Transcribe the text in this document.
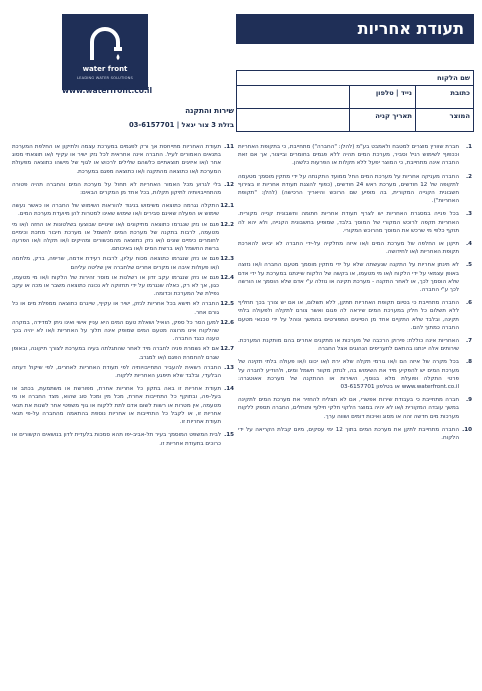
תעודת אחריות
water front
LEADING WATER SOLUTIONS
www.waterfront.co.il
שירות והתקנה
בזלת 3 צור יגאל | 03-6157701
שם הלקוח
כתובת
נייד | טלפון
המוצר
תאריך קניה
1.
חברת שוורץ מוצרים למטבח ולאמבט בע"מ (להלן: "החברה") מתחייבת, כי בתקופת האחריות וככפוף לשימוש רגיל וסביר, מערכת המים תהיה ללא פגמים בחומרים ובייצור, אך אם זאת החברה אינה מתחייבת, כי המוצר יפעל ללא תקלות או הפרעות כלשהן.
2.
החברה מעניקה אחריות על מערכת המים החל ממועד התקנתה על ידי מתקין מוסמך מטעמה לתקופה של 12 חודשים, מערכת ראש 24 חודשים, (כפוף להצגת תעודת אחריות זו בצירוף חשבונית הקנייה המקורית, בה מופיע שם הרוכש והיאריך הרכישה) (להלן: "תקופת האחריות").
3.
בכל פנייה במסגרת האחריות יש לצרף תעודת אחריות חתומה וחשבונית קנייה מקורית. האחריות תקפה לרוכש המקורי של המוסך בלבד, שמופיע בחשבונית הקנייה, ולא יהא לה תוקף כלפי מי שרכש את המוסך מהרוכש המקורי.
4.
תיקון או החלפה של מערכת המים ו/או איזה מחלקיה על-ידי החברה לא יביאו להארכת תקופת האחריות ו/או לחידושה.
5.
לא תינתן אחריות על התקנה שנעשתה שלא על ידי מתקין מוסמך מטעם החברה ו/או נזוצה באופן עצמאי על ידי הלקוח ו/או מי מטעמו, או בקשה של הלקוח שיינתנו במערכת על ידי אדם שלא הוסמך לכך, או לאחר התקנה - מערכת תקינה או נוזלה ע"י אדם שלא הוסמך או הורשה לכך ע"י החברה.
6.
החברה מתחייבת כי בסיום תקופת האחריות תתקן, ללא תשלום, או אם יש צורך בכך תחליף ללא תשלום כל חלק במערכת המים שיראה לה פגום ואשר צורם לתקלה ולפעולה בלתי תקינה, ובלבד שלא התקיים אחד מן הסייגים המפורטים בהמשך ונוהל על ידי טכנאי מטעם החברה כמתוך להם.
7.
האחריות אינה כוללת: פירוק הרכבה של מערכות או מתקנים אחרים בהם מותקנת המערכת. שירותים אלה יינתנו בהתאם לתעריפים הנהוגים אצל החברה
8.
בכל מקרה של איזה הם ו/או גורמי תקלה שלא ירת ו/או יכונו ו/או פעולה בלתי תקינה של מערכת המים יש להפקיע מיד את השימוש בה, לנתק מקוור חשמל ומים, ולהודיע לחברה על פרטי התקלה ופועלת מלא בנוסף, השירות או ההתקנה של מערכת אאוטגרה: www.waterfront.co.il או בטלפון 03-6157701
9.
חברה מתחייבת כי בעבודת שירות אפשרי, אם לא תצליח להחזיר את מערכת המים לתקינה במשך עובדה המקורית ו/או לא יהיה במוצר הלקוי חלקי חילוף ותוחלים, החברה תספק ללקוח מערכות מים חדשה זהה או מסוג ואיכות דומים ושווה ערך.
10.
החברה מתחייבת לתקן את מערכת המים בתוך 12 ימי עסקים, מיום קבלת הקריאה על ידי הלקוח.
11.
תעודת האחריות מתייחסת אך ורק לפגמים במערכת עצמה ולתיקון או החלפת המערכת בתנאים האמורים לעיל. החברה אינה אחראית לכל נזק ישיר או עקיף ו/או תוצאתי מסוג אחר ו/או איזיגים תוצאתיים כלשהם שלילים לרכוש או לגוף של מישהו כתוצאה מפעולת המערכת ו/או כתוצאה מהתקנה ו/או כתוצאה מפגם במערכת.
12.
בלי לגרוע מכל האמור האחריות לא תחול על מערכת המים והחברה תהיה פטורה מהתחייבויותיה לתיקון תקלות, בכל אחד מן המקרים הבאים:
12.1
התקלה נגרמה כתוצאה משימוש בניגוד להוראות השימוש של החברה או כאשר נעשה שימוש או הפעלה שאינם סבירים ו/או שימוש שאינו למטרות להן מיועדת מערכת המים.
12.2
פגם או נזק שנגרמו כתוצאה מתיקונים ו/או שינויים שבוצעו בשלטונות או החזה ו/או מי מטעמה, לרבות בתקנה של מערכת המים לחשמל או מערכת חיבור מתכת וכימיים לחומרים כימיים שונים ו/או נזק כתוצאה מהמכשורים ומהיקים ו/או תקלה ו/או הפרעה ברשת החשמל ו/או ברשת המים ו/או באיכותם.
12.3
פגם או נזק שנגרמו כתוצאה מכוח עליון, לרבות רעידת אדמה, שריפה, ברק, מלחמה ו/או פעולות איבה או מקרים אחרים שלחברה אין שליטה עליהם
12.4
פגם או נזק שנגרמו עקב זדון או רשלנות או מוסר זהירות של הלקוח ו/או מי מטעמו, כגון, אך לא רק, כאלה שנגרמו על ידי תחזוקה לא נכונה כתוצאה משבר או מכה או עקב נפילת של המערכת וכדומה.
12.5
החברה לא תישא בכל אחריות לנזק, ישיר או עקיף, שייגרם כתוצאה ממפלת מים או כל גורם אחר.
12.6
למען הסר כל ספק, הואיל ושאלת טעם המים היא עניין אישי ואינו ניתן למדידה, במקרה שהלקוח אינו מרוצה מטעם המים שמופק אינה תלוך על האחריות ו/או לא יהיה בכך טענה כנגד החברה.
12.7
אם לא נשמרת פניה לחברה מיד לאחר שהתגלתה בעיה במערכת לצורך תיקונה, ובאופן שגרם להחמרת הפגם ו/או למגרב.
13.
החברה רשאית להעביר התחייבויותיה לפי תעודת האחריות לאחרים, לפי שיקול דעתה הבלעדי, ובלבד שלא תיפגע האחריות ללקוח.
14.
תעודת אחריות זו באה בתקון כל אחריות אחרת, מפורשת או משתמעת, בכתב או בעל-פה, ובתוקף כל התחייבות אחרת, מכל מין ומכל סוג שהוא, מצד החברה או מי מטעמה, אין מטרות או רשות לשום אדם לתת ללקוח או גוף משפטי אחר לשנות את תנאי אחריות זו, או לקבל כל התחייבות או אחריות נוספת בהתאמה מהחברה על-פי תנאי תעודת אחריות זו.
15.
לבית המשפט המוסמך בעיר תל-אביב-יפו תהא סמכות בלעדית לדון בנושאים הקשורים או כרוכים בתעודת אחריות זו.
